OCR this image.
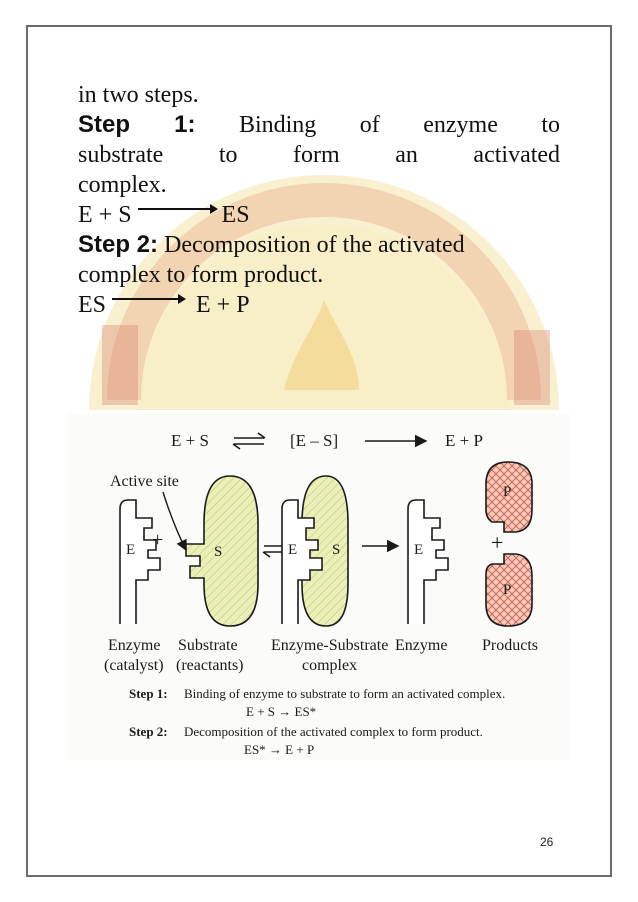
in two steps.
Step 1: Binding of enzyme to
substrate to form an activated
complex.
E + S → ES
Step 2: Decomposition of the activated
complex to form product.
ES → E + P
E + S	[E – S]	E + P
Active site
E +
S	E S	E
P
+
P
Enzyme
(catalyst)
Substrate
(reactants)
Enzyme-Substrate
complex
Enzyme Products
Step 1: Binding of enzyme to substrate to form an activated complex.
E + S → ES*
Step 2: Decomposition of the activated complex to form product.
ES* → E + P
26
